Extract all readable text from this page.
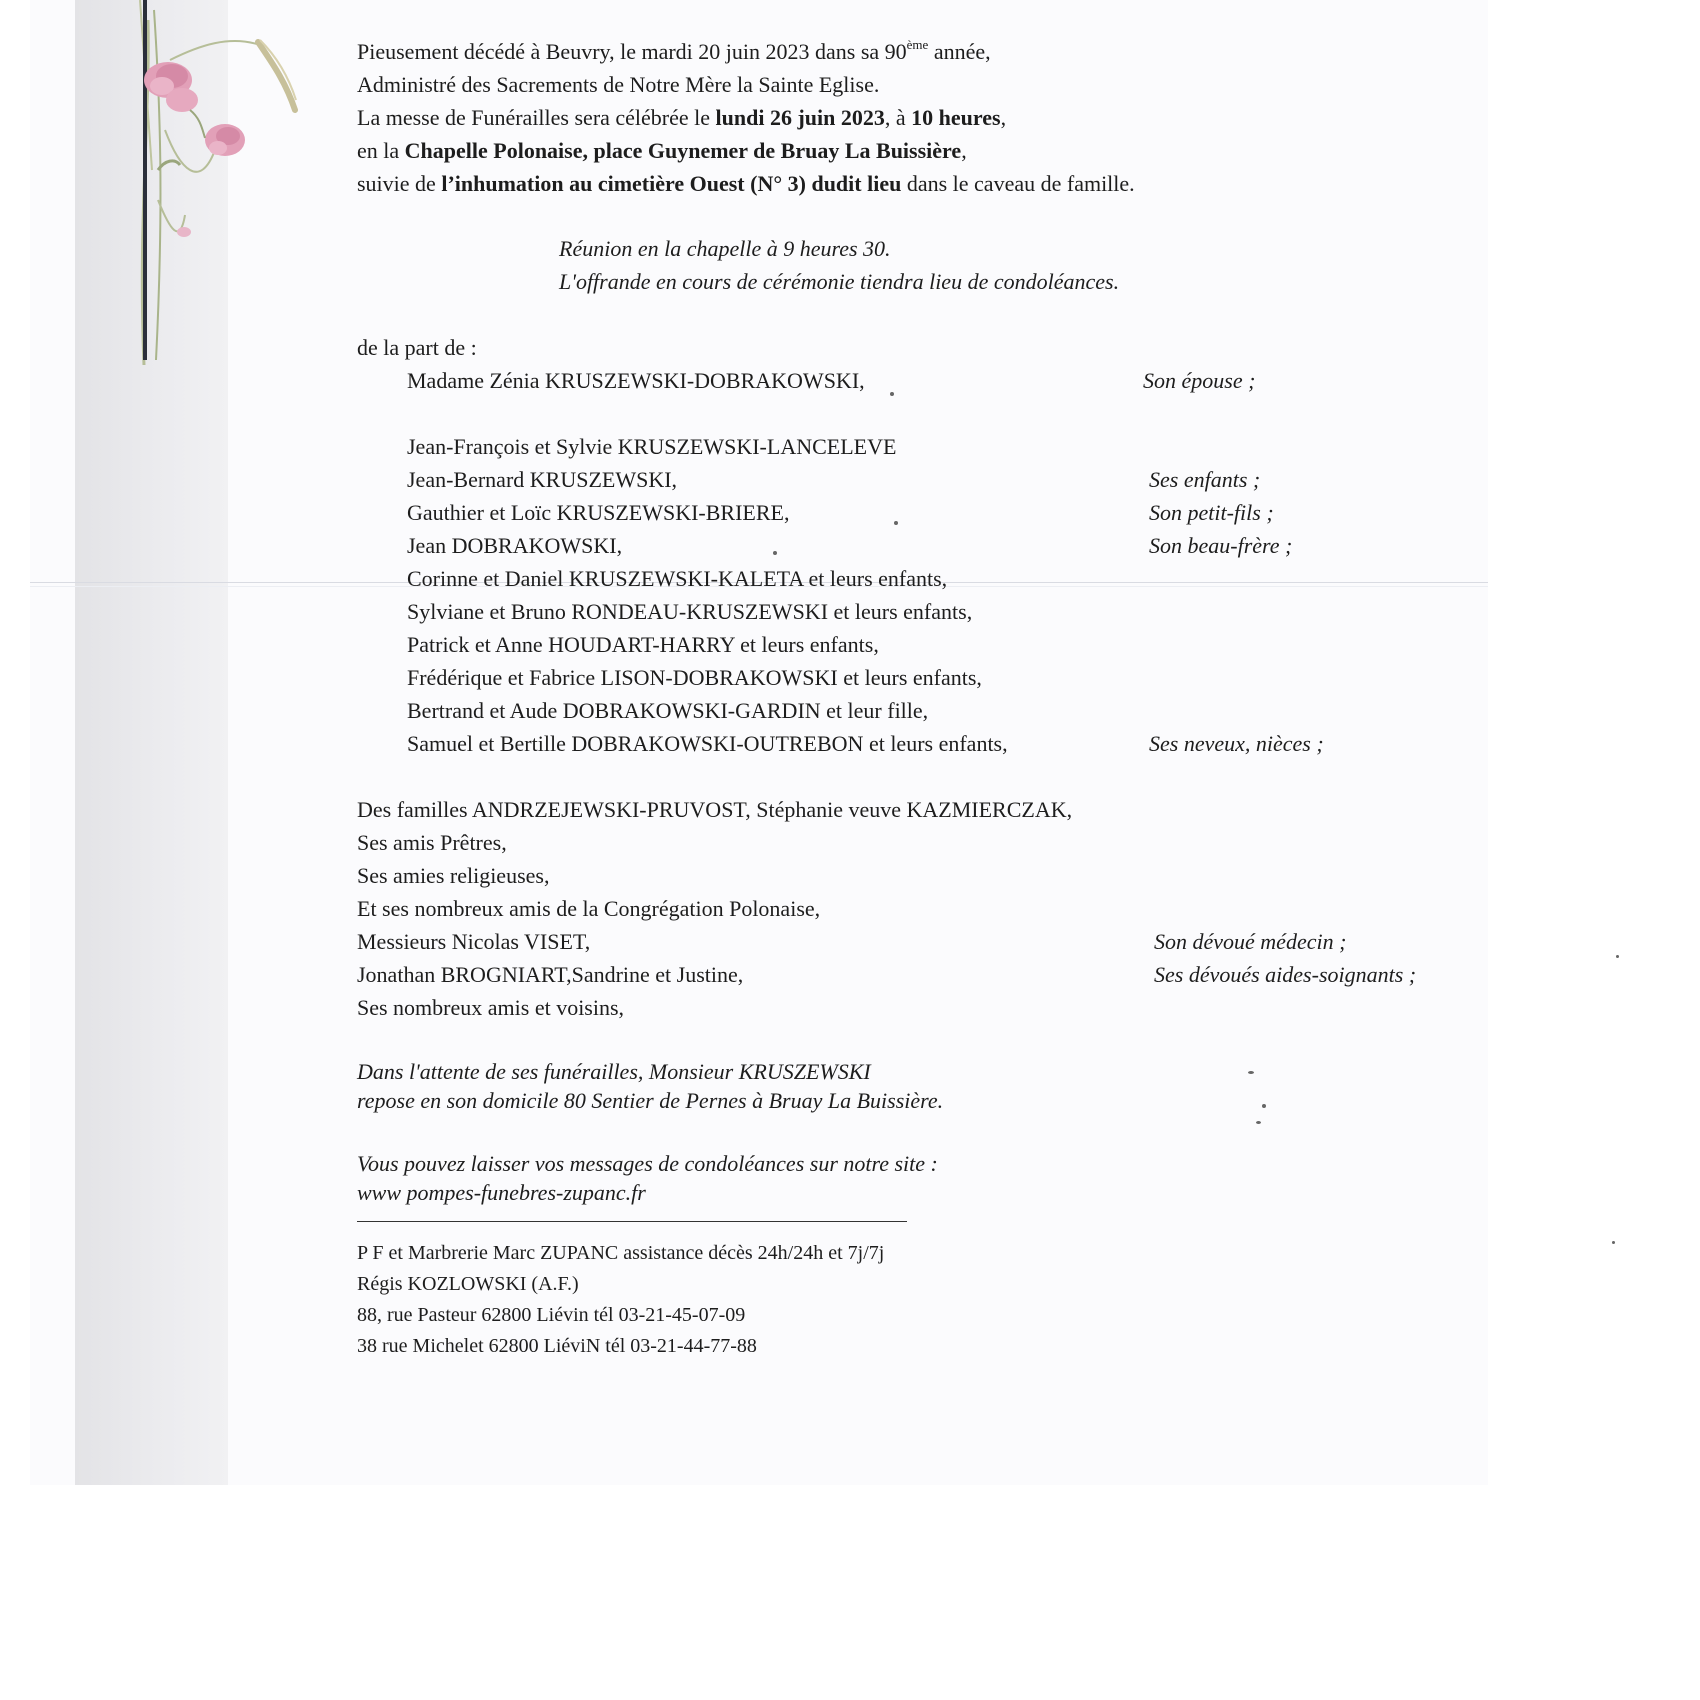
Pieusement décédé à Beuvry, le mardi 20 juin 2023 dans sa 90ème année,
Administré des Sacrements de Notre Mère la Sainte Eglise.
La messe de Funérailles sera célébrée le lundi 26 juin 2023, à 10 heures,
en la Chapelle Polonaise, place Guynemer de Bruay La Buissière,
suivie de l’inhumation au cimetière Ouest (N° 3) dudit lieu dans le caveau de famille.
Réunion en la chapelle à 9 heures 30.
L'offrande en cours de cérémonie tiendra lieu de condoléances.
de la part de :
Madame Zénia KRUSZEWSKI-DOBRAKOWSKI,	Son épouse ;
Jean-François et Sylvie KRUSZEWSKI-LANCELEVE
Jean-Bernard KRUSZEWSKI,	Ses enfants ;
Gauthier et Loïc KRUSZEWSKI-BRIERE,	Son petit-fils ;
Jean DOBRAKOWSKI,	Son beau-frère ;
Corinne et Daniel KRUSZEWSKI-KALETA et leurs enfants,
Sylviane et Bruno RONDEAU-KRUSZEWSKI et leurs enfants,
Patrick et Anne HOUDART-HARRY et leurs enfants,
Frédérique et Fabrice LISON-DOBRAKOWSKI et leurs enfants,
Bertrand et Aude DOBRAKOWSKI-GARDIN et leur fille,
Samuel et Bertille DOBRAKOWSKI-OUTREBON et leurs enfants,	Ses neveux, nièces ;
Des familles ANDRZEJEWSKI-PRUVOST, Stéphanie veuve KAZMIERCZAK,
Ses amis Prêtres,
Ses amies religieuses,
Et ses nombreux amis de la Congrégation Polonaise,
Messieurs Nicolas VISET,	Son dévoué médecin ;
Jonathan BROGNIART,Sandrine et Justine,	Ses dévoués aides-soignants ;
Ses nombreux amis et voisins,
Dans l'attente de ses funérailles, Monsieur KRUSZEWSKI
repose en son domicile 80 Sentier de Pernes à Bruay La Buissière.
Vous pouvez laisser vos messages de condoléances sur notre site :
www pompes-funebres-zupanc.fr
P F et Marbrerie Marc ZUPANC assistance décès 24h/24h et 7j/7j
Régis KOZLOWSKI (A.F.)
88, rue Pasteur 62800 Liévin tél 03-21-45-07-09
38 rue Michelet 62800 LiéviN tél 03-21-44-77-88
